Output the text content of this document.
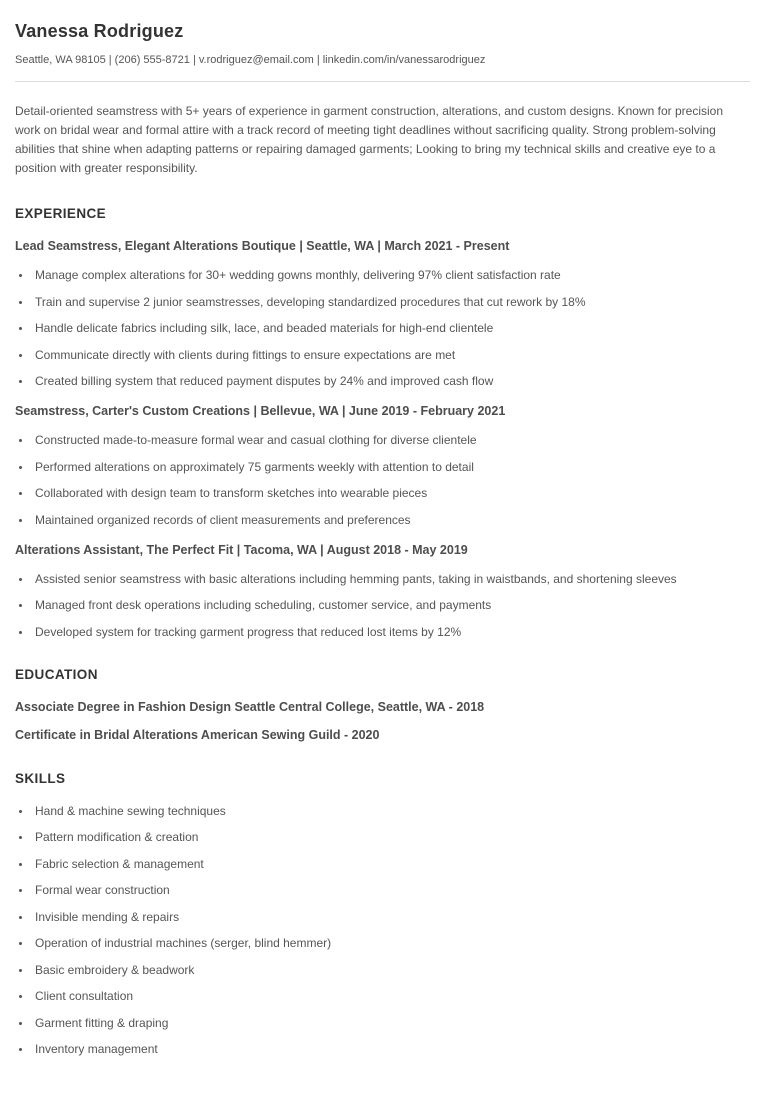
Vanessa Rodriguez

Seattle, WA 98105 | (206) 555-8721 | v.rodriguez@email.com | linkedin.com/in/vanessarodriguez

Detail-oriented seamstress with 5+ years of experience in garment construction, alterations, and custom designs. Known for precision work on bridal wear and formal attire with a track record of meeting tight deadlines without sacrificing quality. Strong problem-solving abilities that shine when adapting patterns or repairing damaged garments; Looking to bring my technical skills and creative eye to a position with greater responsibility.

EXPERIENCE
Lead Seamstress, Elegant Alterations Boutique | Seattle, WA | March 2021 - Present
• Manage complex alterations for 30+ wedding gowns monthly, delivering 97% client satisfaction rate
• Train and supervise 2 junior seamstresses, developing standardized procedures that cut rework by 18%
• Handle delicate fabrics including silk, lace, and beaded materials for high-end clientele
• Communicate directly with clients during fittings to ensure expectations are met
• Created billing system that reduced payment disputes by 24% and improved cash flow
Seamstress, Carter's Custom Creations | Bellevue, WA | June 2019 - February 2021
• Constructed made-to-measure formal wear and casual clothing for diverse clientele
• Performed alterations on approximately 75 garments weekly with attention to detail
• Collaborated with design team to transform sketches into wearable pieces
• Maintained organized records of client measurements and preferences
Alterations Assistant, The Perfect Fit | Tacoma, WA | August 2018 - May 2019
• Assisted senior seamstress with basic alterations including hemming pants, taking in waistbands, and shortening sleeves
• Managed front desk operations including scheduling, customer service, and payments
• Developed system for tracking garment progress that reduced lost items by 12%
EDUCATION

Associate Degree in Fashion Design Seattle Central College, Seattle, WA - 2018

Certificate in Bridal Alterations American Sewing Guild - 2020

SKILLS
• Hand & machine sewing techniques
• Pattern modification & creation
• Fabric selection & management
• Formal wear construction
• Invisible mending & repairs
• Operation of industrial machines (serger, blind hemmer)
• Basic embroidery & beadwork
• Client consultation
• Garment fitting & draping
• Inventory management
